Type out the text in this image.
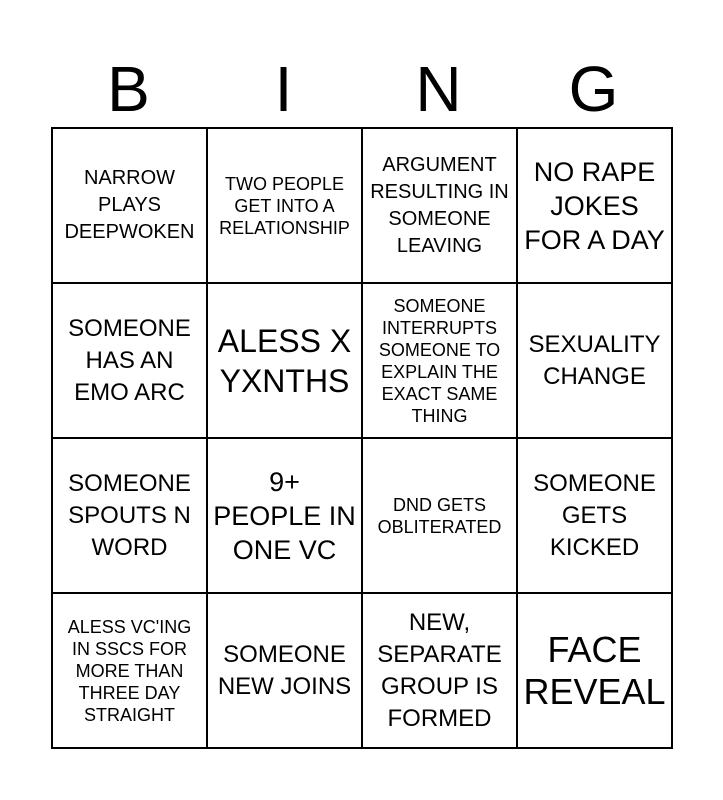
B	I	N	G
NARROW PLAYS DEEPWOKEN	TWO PEOPLE GET INTO A RELATIONSHIP	ARGUMENT RESULTING IN SOMEONE LEAVING	NO RAPE JOKES FOR A DAY
SOMEONE HAS AN EMO ARC	ALESS X YXNTHS	SOMEONE INTERRUPTS SOMEONE TO EXPLAIN THE EXACT SAME THING	SEXUALITY CHANGE
SOMEONE SPOUTS N WORD	9+ PEOPLE IN ONE VC	DND GETS OBLITERATED	SOMEONE GETS KICKED
ALESS VC'ING IN SSCS FOR MORE THAN THREE DAY STRAIGHT	SOMEONE NEW JOINS	NEW, SEPARATE GROUP IS FORMED	FACE REVEAL
